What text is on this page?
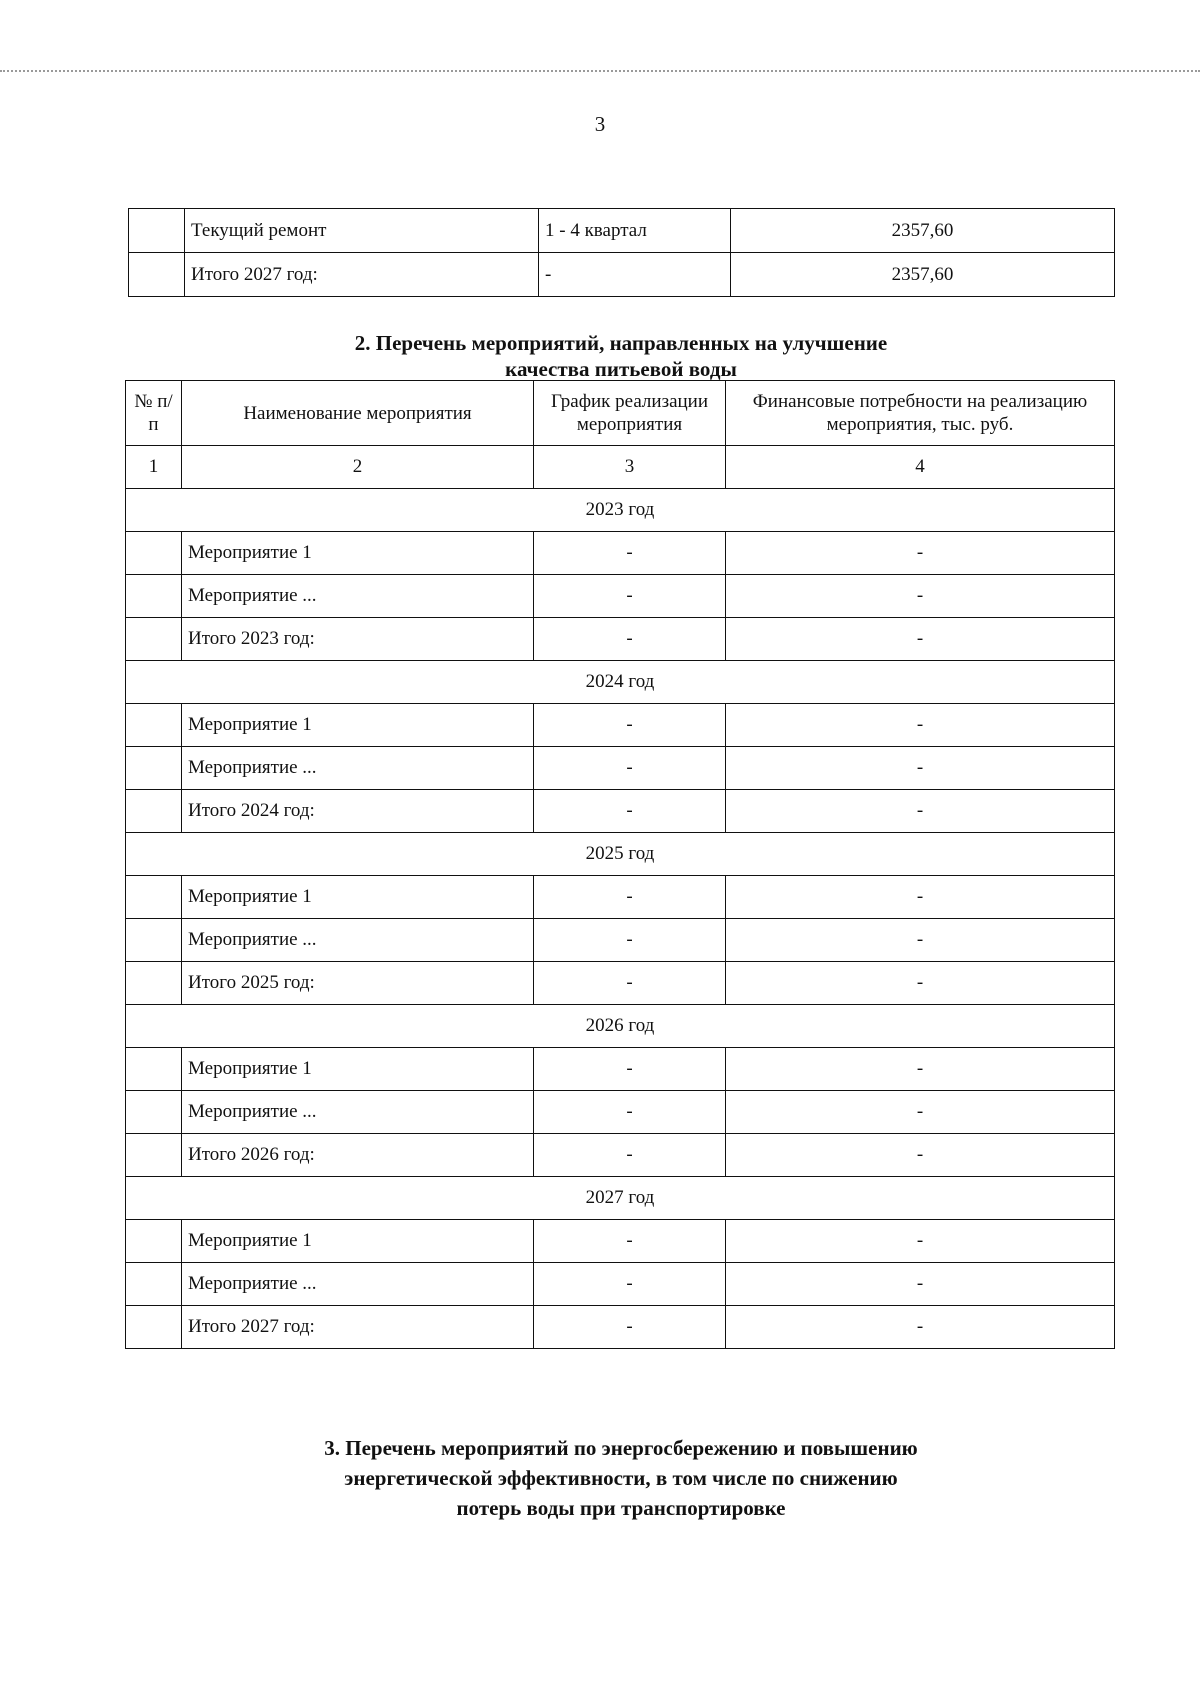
3
	Текущий ремонт	1 - 4 квартал	2357,60
	Итого 2027 год:	-	2357,60
2. Перечень мероприятий, направленных на улучшение
качества питьевой воды
№ п/п	Наименование мероприятия	График реализации мероприятия	Финансовые потребности на реализацию мероприятия, тыс. руб.
1	2	3	4
2023 год			
	Мероприятие 1	-	-
	Мероприятие ...	-	-
	Итого 2023 год:	-	-
2024 год			
	Мероприятие 1	-	-
	Мероприятие ...	-	-
	Итого 2024 год:	-	-
2025 год			
	Мероприятие 1	-	-
	Мероприятие ...	-	-
	Итого 2025 год:	-	-
2026 год			
	Мероприятие 1	-	-
	Мероприятие ...	-	-
	Итого 2026 год:	-	-
2027 год			
	Мероприятие 1	-	-
	Мероприятие ...	-	-
	Итого 2027 год:	-	-
3. Перечень мероприятий по энергосбережению и повышению
энергетической эффективности, в том числе по снижению
потерь воды при транспортировке
